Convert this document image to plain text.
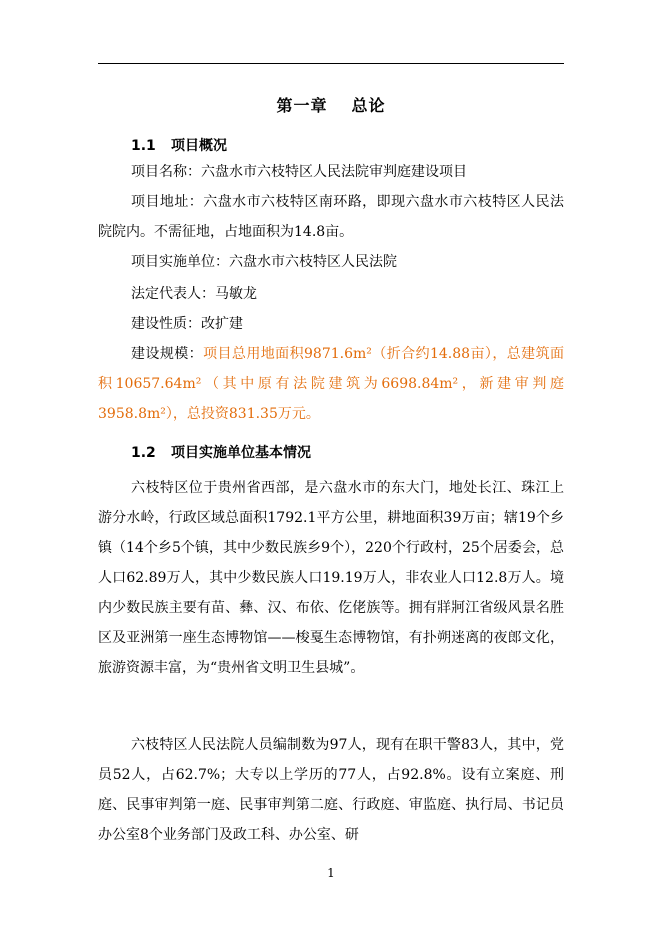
第一章 总论
1.1 项目概况

项目名称：六盘水市六枝特区人民法院审判庭建设项目

项目地址：六盘水市六枝特区南环路，即现六盘水市六枝特区人民法院院内。不需征地，占地面积为14.8亩。

项目实施单位：六盘水市六枝特区人民法院

法定代表人：马敏龙

建设性质：改扩建

建设规模：项目总用地面积9871.6m²（折合约14.88亩），总建筑面积10657.64m²（其中原有法院建筑为6698.84m²，新建审判庭3958.8m²），总投资831.35万元。

1.2 项目实施单位基本情况

六枝特区位于贵州省西部，是六盘水市的东大门，地处长江、珠江上游分水岭，行政区域总面积1792.1平方公里，耕地面积39万亩；辖19个乡镇（14个乡5个镇，其中少数民族乡9个），220个行政村，25个居委会，总人口62.89万人，其中少数民族人口19.19万人，非农业人口12.8万人。境内少数民族主要有苗、彝、汉、布依、仡佬族等。拥有牂牁江省级风景名胜区及亚洲第一座生态博物馆——梭戛生态博物馆，有扑朔迷离的夜郎文化，旅游资源丰富，为“贵州省文明卫生县城”。

六枝特区人民法院人员编制数为97人，现有在职干警83人，其中，党员52人，占62.7%；大专以上学历的77人，占92.8%。设有立案庭、刑庭、民事审判第一庭、民事审判第二庭、行政庭、审监庭、执行局、书记员办公室8个业务部门及政工科、办公室、研

1
